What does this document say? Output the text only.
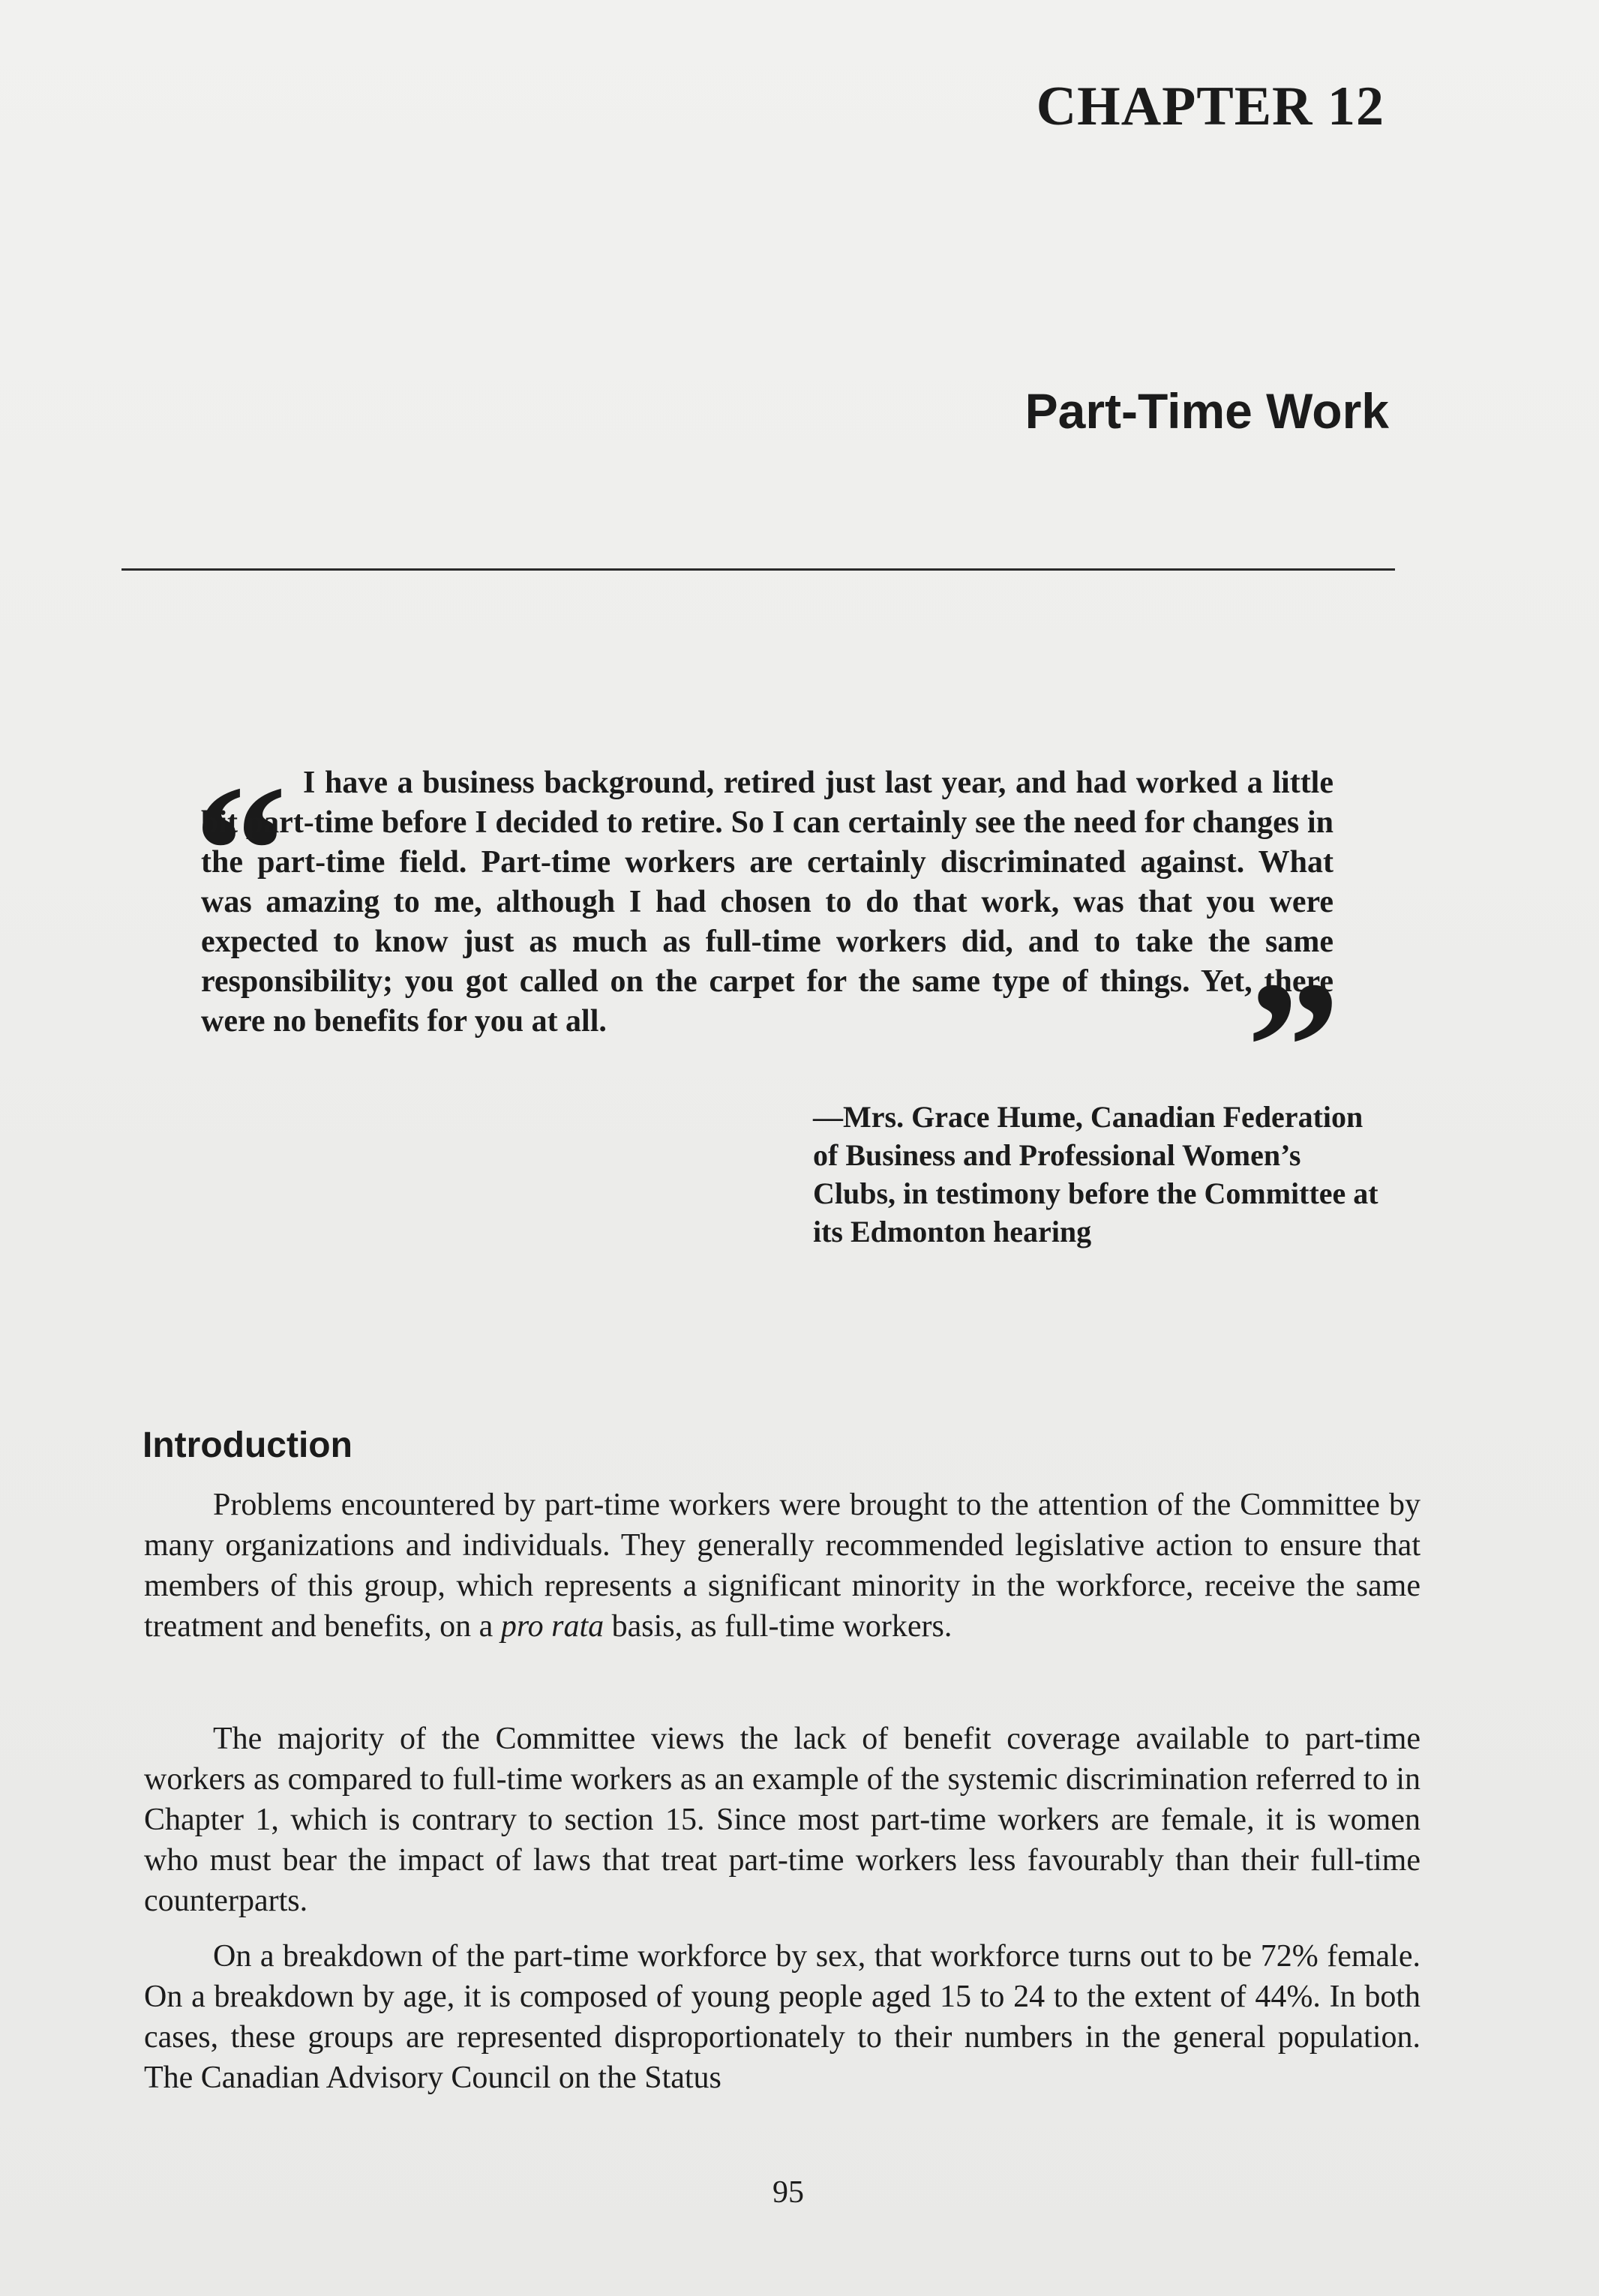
CHAPTER 12
Part-Time Work
“ I have a business background, retired just last year, and had worked a little bit part-time before I decided to retire. So I can certainly see the need for changes in the part-time field. Part-time workers are certainly discriminated against. What was amazing to me, although I had chosen to do that work, was that you were expected to know just as much as full-time workers did, and to take the same responsibility; you got called on the carpet for the same type of things. Yet, there were no benefits for you at all.	”
—Mrs. Grace Hume, Canadian Federation of Business and Professional Women’s Clubs, in testimony before the Committee at its Edmonton hearing
Introduction

Problems encountered by part-time workers were brought to the attention of the Committee by many organizations and individuals. They generally recommended legislative action to ensure that members of this group, which represents a significant minority in the workforce, receive the same treatment and benefits, on a pro rata basis, as full-time workers.

The majority of the Committee views the lack of benefit coverage available to part-time workers as compared to full-time workers as an example of the systemic discrimination referred to in Chapter 1, which is contrary to section 15. Since most part-time workers are female, it is women who must bear the impact of laws that treat part-time workers less favourably than their full-time counterparts.

On a breakdown of the part-time workforce by sex, that workforce turns out to be 72% female. On a breakdown by age, it is composed of young people aged 15 to 24 to the extent of 44%. In both cases, these groups are represented disproportionately to their numbers in the general population. The Canadian Advisory Council on the Status

95
